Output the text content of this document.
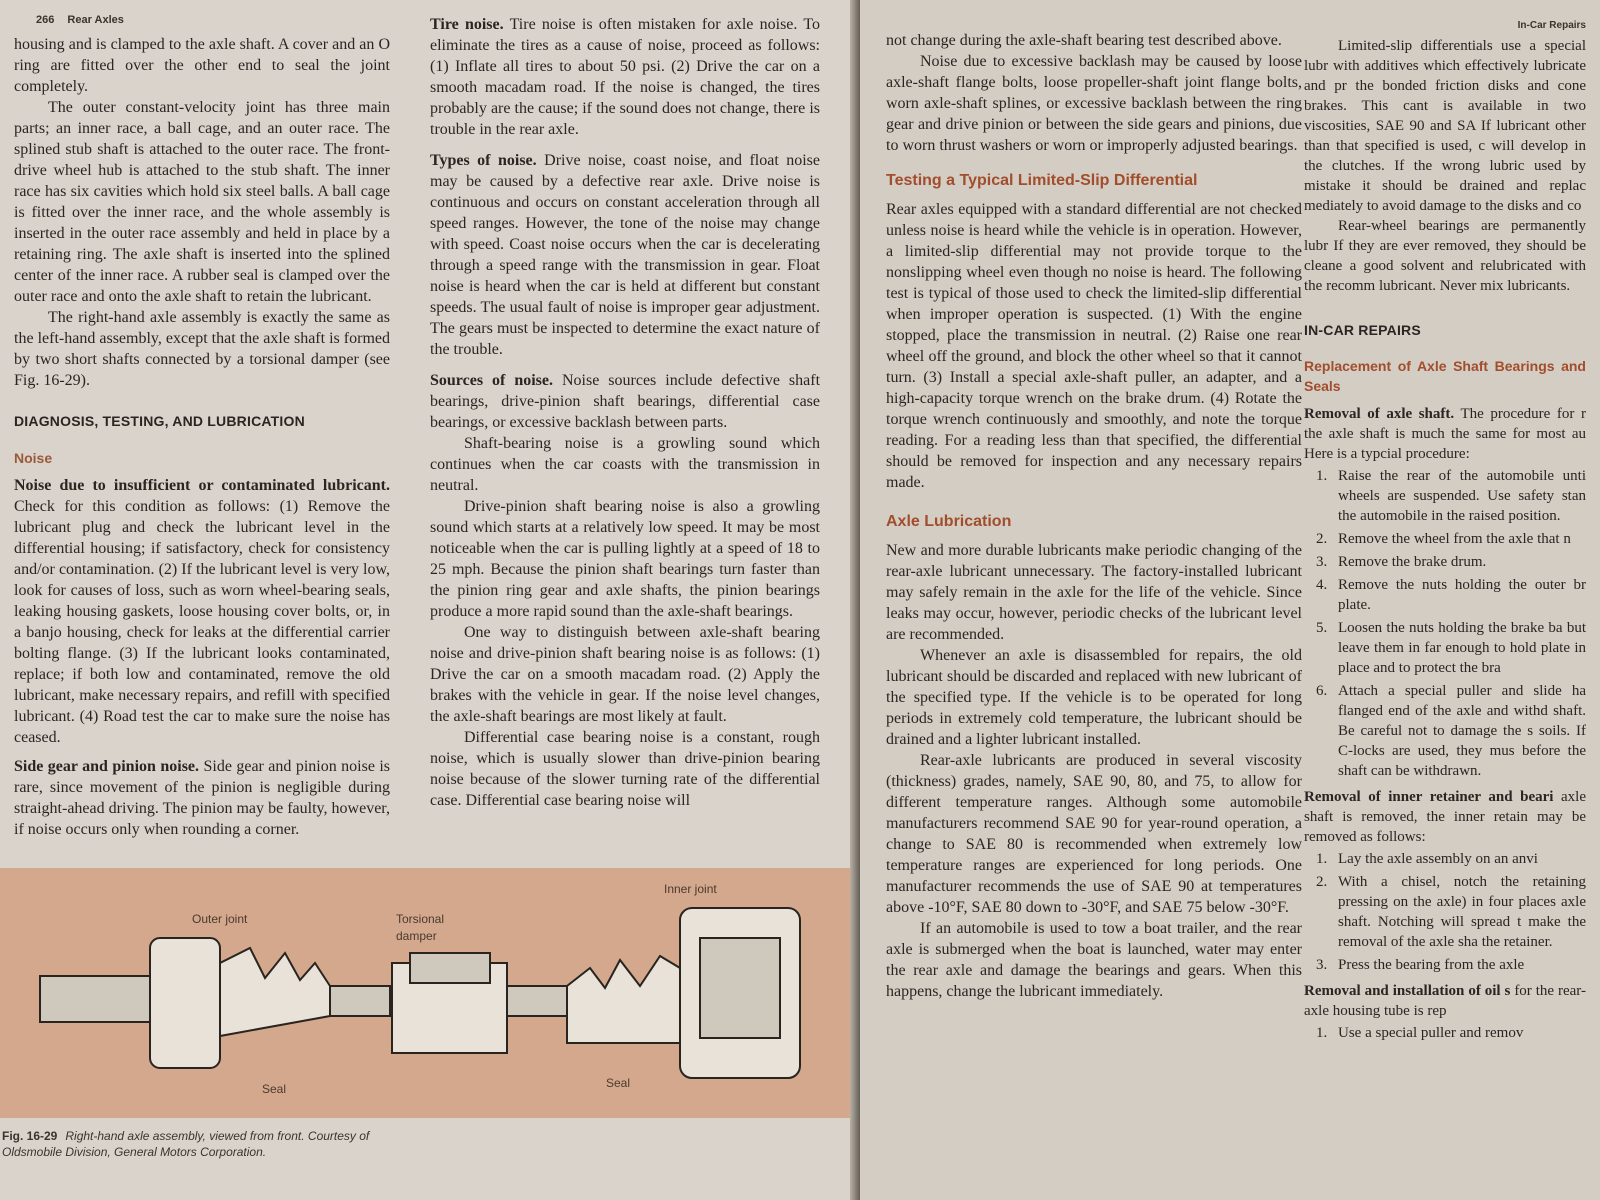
266 Rear Axles

housing and is clamped to the axle shaft. A cover and an O ring are fitted over the other end to seal the joint completely.

The outer constant-velocity joint has three main parts; an inner race, a ball cage, and an outer race. The splined stub shaft is attached to the outer race. The front-drive wheel hub is attached to the stub shaft. The inner race has six cavities which hold six steel balls. A ball cage is fitted over the inner race, and the whole assembly is inserted in the outer race assembly and held in place by a retaining ring. The axle shaft is inserted into the splined center of the inner race. A rubber seal is clamped over the outer race and onto the axle shaft to retain the lubricant.

The right-hand axle assembly is exactly the same as the left-hand assembly, except that the axle shaft is formed by two short shafts connected by a torsional damper (see Fig. 16-29).

DIAGNOSIS, TESTING, AND LUBRICATION
Noise

Noise due to insufficient or contaminated lubricant. Check for this condition as follows: (1) Remove the lubricant plug and check the lubricant level in the differential housing; if satisfactory, check for consistency and/or contamination. (2) If the lubricant level is very low, look for causes of loss, such as worn wheel-bearing seals, leaking housing gaskets, loose housing cover bolts, or, in a banjo housing, check for leaks at the differential carrier bolting flange. (3) If the lubricant looks contaminated, replace; if both low and contaminated, remove the old lubricant, make necessary repairs, and refill with specified lubricant. (4) Road test the car to make sure the noise has ceased.

Side gear and pinion noise. Side gear and pinion noise is rare, since movement of the pinion is negligible during straight-ahead driving. The pinion may be faulty, however, if noise occurs only when rounding a corner.

Tire noise. Tire noise is often mistaken for axle noise. To eliminate the tires as a cause of noise, proceed as follows: (1) Inflate all tires to about 50 psi. (2) Drive the car on a smooth macadam road. If the noise is changed, the tires probably are the cause; if the sound does not change, there is trouble in the rear axle.

Types of noise. Drive noise, coast noise, and float noise may be caused by a defective rear axle. Drive noise is continuous and occurs on constant acceleration through all speed ranges. However, the tone of the noise may change with speed. Coast noise occurs when the car is decelerating through a speed range with the transmission in gear. Float noise is heard when the car is held at different but constant speeds. The usual fault of noise is improper gear adjustment. The gears must be inspected to determine the exact nature of the trouble.

Sources of noise. Noise sources include defective shaft bearings, drive-pinion shaft bearings, differential case bearings, or excessive backlash between parts.

Shaft-bearing noise is a growling sound which continues when the car coasts with the transmission in neutral.

Drive-pinion shaft bearing noise is also a growling sound which starts at a relatively low speed. It may be most noticeable when the car is pulling lightly at a speed of 18 to 25 mph. Because the pinion shaft bearings turn faster than the pinion ring gear and axle shafts, the pinion bearings produce a more rapid sound than the axle-shaft bearings.

One way to distinguish between axle-shaft bearing noise and drive-pinion shaft bearing noise is as follows: (1) Drive the car on a smooth macadam road. (2) Apply the brakes with the vehicle in gear. If the noise level changes, the axle-shaft bearings are most likely at fault.

Differential case bearing noise is a constant, rough noise, which is usually slower than drive-pinion bearing noise because of the slower turning rate of the differential case. Differential case bearing noise will

Outer joint	Torsional
damper
Inner joint
Seal	Seal
Fig. 16-29 Right-hand axle assembly, viewed from front. Courtesy of Oldsmobile Division, General Motors Corporation.
In-Car Repairs

not change during the axle-shaft bearing test described above.

Noise due to excessive backlash may be caused by loose axle-shaft flange bolts, loose propeller-shaft joint flange bolts, worn axle-shaft splines, or excessive backlash between the ring gear and drive pinion or between the side gears and pinions, due to worn thrust washers or worn or improperly adjusted bearings.

Testing a Typical Limited-Slip Differential

Rear axles equipped with a standard differential are not checked unless noise is heard while the vehicle is in operation. However, a limited-slip differential may not provide torque to the nonslipping wheel even though no noise is heard. The following test is typical of those used to check the limited-slip differential when improper operation is suspected. (1) With the engine stopped, place the transmission in neutral. (2) Raise one rear wheel off the ground, and block the other wheel so that it cannot turn. (3) Install a special axle-shaft puller, an adapter, and a high-capacity torque wrench on the brake drum. (4) Rotate the torque wrench continuously and smoothly, and note the torque reading. For a reading less than that specified, the differential should be removed for inspection and any necessary repairs made.

Axle Lubrication

New and more durable lubricants make periodic changing of the rear-axle lubricant unnecessary. The factory-installed lubricant may safely remain in the axle for the life of the vehicle. Since leaks may occur, however, periodic checks of the lubricant level are recommended.

Whenever an axle is disassembled for repairs, the old lubricant should be discarded and replaced with new lubricant of the specified type. If the vehicle is to be operated for long periods in extremely cold temperature, the lubricant should be drained and a lighter lubricant installed.

Rear-axle lubricants are produced in several viscosity (thickness) grades, namely, SAE 90, 80, and 75, to allow for different temperature ranges. Although some automobile manufacturers recommend SAE 90 for year-round operation, a change to SAE 80 is recommended when extremely low temperature ranges are experienced for long periods. One manufacturer recommends the use of SAE 90 at temperatures above -10°F, SAE 80 down to -30°F, and SAE 75 below -30°F.

If an automobile is used to tow a boat trailer, and the rear axle is submerged when the boat is launched, water may enter the rear axle and damage the bearings and gears. When this happens, change the lubricant immediately.

Limited-slip differentials use a special lubr with additives which effectively lubricate and pr the bonded friction disks and cone brakes. This cant is available in two viscosities, SAE 90 and SA If lubricant other than that specified is used, c will develop in the clutches. If the wrong lubric used by mistake it should be drained and replac mediately to avoid damage to the disks and co

Rear-wheel bearings are permanently lubr If they are ever removed, they should be cleane a good solvent and relubricated with the recomm lubricant. Never mix lubricants.

IN-CAR REPAIRS
Replacement of Axle Shaft Bearings and Seals

Removal of axle shaft. The procedure for r the axle shaft is much the same for most au Here is a typcial procedure:

1. Raise the rear of the automobile unti wheels are suspended. Use safety stan the automobile in the raised position.
2. Remove the wheel from the axle that n
3. Remove the brake drum.
4. Remove the nuts holding the outer br plate.
5. Loosen the nuts holding the brake ba but leave them in far enough to hold plate in place and to protect the bra
6. Attach a special puller and slide ha flanged end of the axle and withd shaft. Be careful not to damage the s soils. If C-locks are used, they mus before the shaft can be withdrawn.

Removal of inner retainer and beari axle shaft is removed, the inner retain may be removed as follows:

1. Lay the axle assembly on an anvi
2. With a chisel, notch the retaining pressing on the axle) in four places axle shaft. Notching will spread t make the removal of the axle sha the retainer.
3. Press the bearing from the axle

Removal and installation of oil s for the rear-axle housing tube is rep

1. Use a special puller and remov
